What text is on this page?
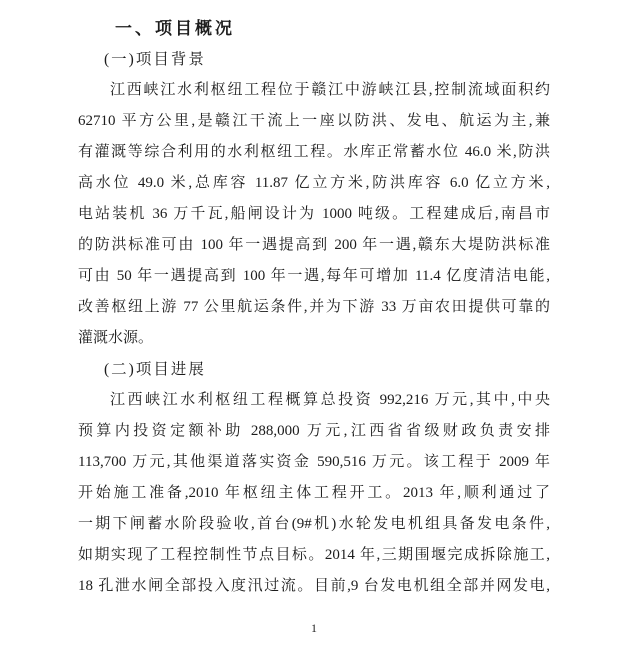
一、项目概况
(一)项目背景
江西峡江水利枢纽工程位于赣江中游峡江县,控制流域面积约
62710 平方公里,是赣江干流上一座以防洪、发电、航运为主,兼
有灌溉等综合利用的水利枢纽工程。水库正常蓄水位 46.0 米,防洪
高水位 49.0 米,总库容 11.87 亿立方米,防洪库容 6.0 亿立方米,
电站装机 36 万千瓦,船闸设计为 1000 吨级。工程建成后,南昌市
的防洪标准可由 100 年一遇提高到 200 年一遇,赣东大堤防洪标准
可由 50 年一遇提高到 100 年一遇,每年可增加 11.4 亿度清洁电能,
改善枢纽上游 77 公里航运条件,并为下游 33 万亩农田提供可靠的
灌溉水源。
(二)项目进展
江西峡江水利枢纽工程概算总投资 992,216 万元,其中,中央
预算内投资定额补助 288,000 万元,江西省省级财政负责安排
113,700 万元,其他渠道落实资金 590,516 万元。该工程于 2009 年
开始施工准备,2010 年枢纽主体工程开工。2013 年,顺利通过了
一期下闸蓄水阶段验收,首台(9#机)水轮发电机组具备发电条件,
如期实现了工程控制性节点目标。2014 年,三期围堰完成拆除施工,
18 孔泄水闸全部投入度汛过流。目前,9 台发电机组全部并网发电,
1
